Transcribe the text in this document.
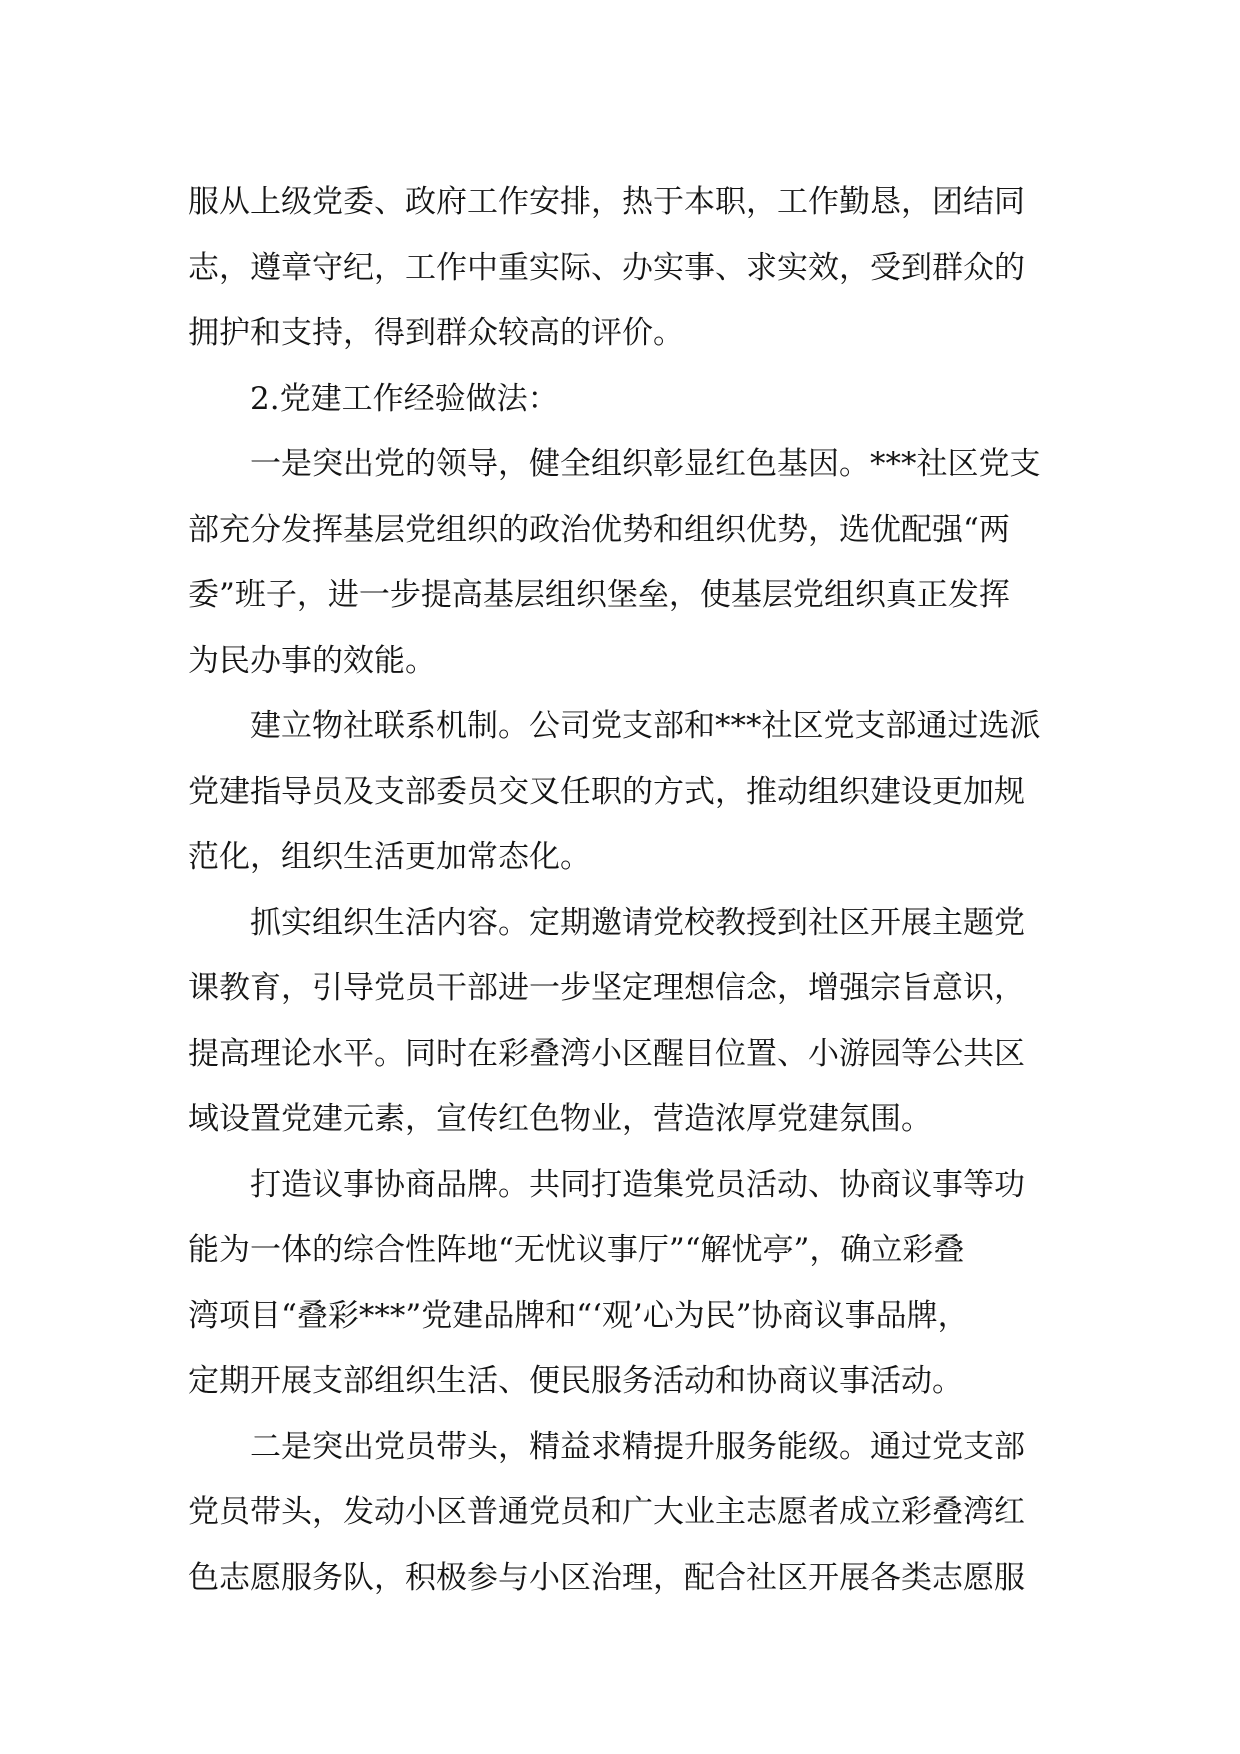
服从上级党委、政府工作安排，热于本职，工作勤恳，团结同
志，遵章守纪，工作中重实际、办实事、求实效，受到群众的
拥护和支持，得到群众较高的评价。
2.党建工作经验做法：
一是突出党的领导，健全组织彰显红色基因。***社区党支
部充分发挥基层党组织的政治优势和组织优势，选优配强“两
委”班子，进一步提高基层组织堡垒，使基层党组织真正发挥
为民办事的效能。
建立物社联系机制。公司党支部和***社区党支部通过选派
党建指导员及支部委员交叉任职的方式，推动组织建设更加规
范化，组织生活更加常态化。
抓实组织生活内容。定期邀请党校教授到社区开展主题党
课教育，引导党员干部进一步坚定理想信念，增强宗旨意识，
提高理论水平。同时在彩叠湾小区醒目位置、小游园等公共区
域设置党建元素，宣传红色物业，营造浓厚党建氛围。
打造议事协商品牌。共同打造集党员活动、协商议事等功
能为一体的综合性阵地“无忧议事厅”“解忧亭”，确立彩叠
湾项目“叠彩***”党建品牌和“‘观’心为民”协商议事品牌，
定期开展支部组织生活、便民服务活动和协商议事活动。
二是突出党员带头，精益求精提升服务能级。通过党支部
党员带头，发动小区普通党员和广大业主志愿者成立彩叠湾红
色志愿服务队，积极参与小区治理，配合社区开展各类志愿服
